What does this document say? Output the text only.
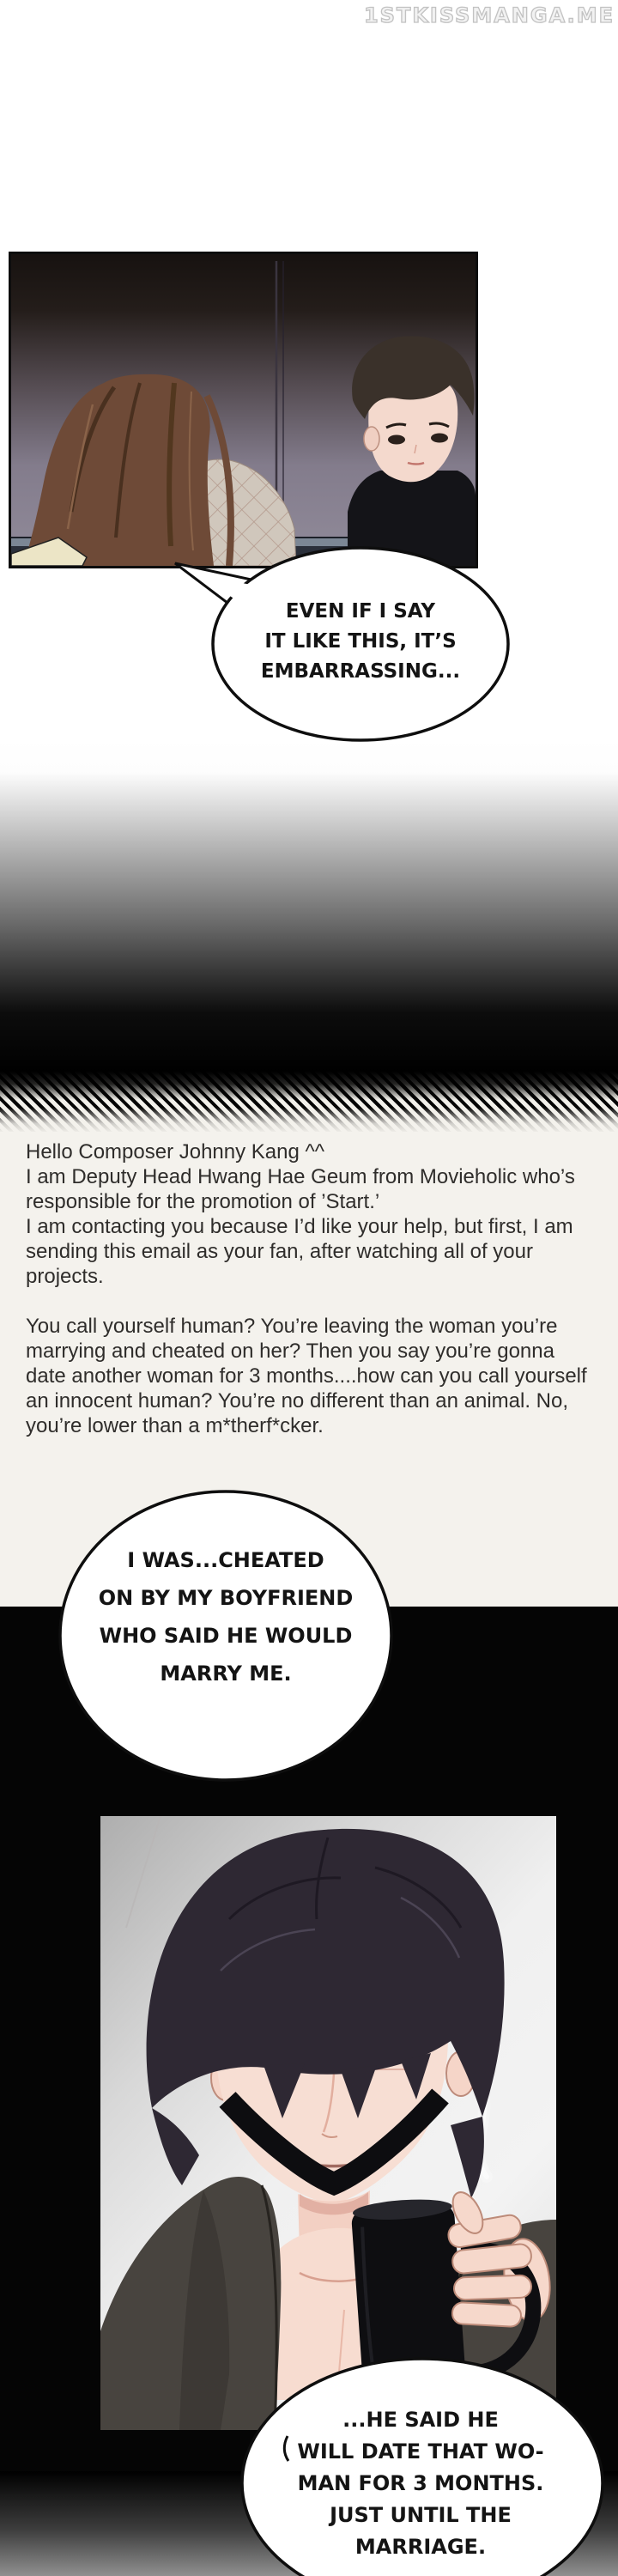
Hello Composer Johnny Kang ^^
I am Deputy Head Hwang Hae Geum from Movieholic who’s
responsible for the promotion of ’Start.’
I am contacting you because I’d like your help, but first, I am
sending this email as your fan, after watching all of your
projects.
You call yourself human? You’re leaving the woman you’re
marrying and cheated on her? Then you say you’re gonna
date another woman for 3 months....how can you call yourself
an innocent human? You’re no different than an animal. No,
you’re lower than a m*therf*cker.
EVEN IF I SAY
IT LIKE THIS, IT’S
EMBARRASSING...
I WAS...CHEATED
ON BY MY BOYFRIEND
WHO SAID HE WOULD
MARRY ME.
...HE SAID HE
WILL DATE THAT WO-
MAN FOR 3 MONTHS.
JUST UNTIL THE
MARRIAGE.
1STKISSMANGA.ME
